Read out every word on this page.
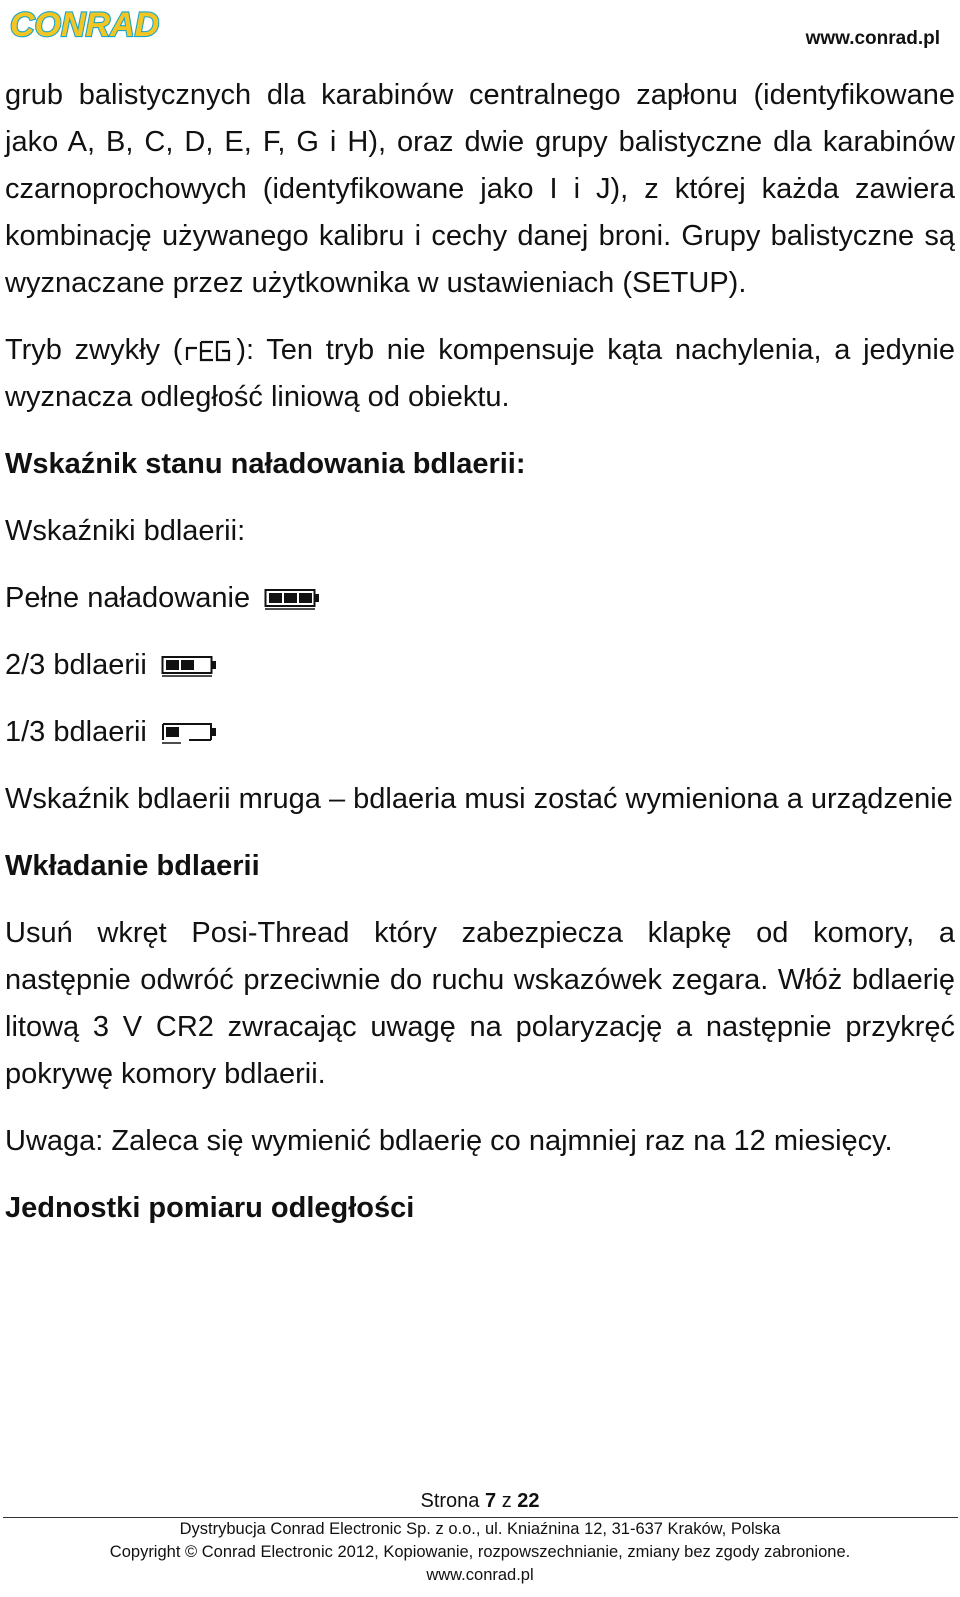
CONRAD	www.conrad.pl

grub balistycznych dla karabinów centralnego zapłonu (identyfikowane jako A, B, C, D, E, F, G i H), oraz dwie grupy balistyczne dla karabinów czarnoprochowych (identyfikowane jako I i J), z której każda zawiera kombinację używanego kalibru i cechy danej broni. Grupy balistyczne są wyznaczane przez użytkownika w ustawieniach (SETUP).

Tryb zwykły ( ): Ten tryb nie kompensuje kąta nachylenia, a jedynie wyznacza odległość liniową od obiektu.

Wskaźnik stanu naładowania bdlaerii:
Wskaźniki bdlaerii:
Pełne naładowanie
2/3 bdlaerii
1/3 bdlaerii

Wskaźnik bdlaerii mruga – bdlaeria musi zostać wymieniona a urządzenie

Wkładanie bdlaerii

Usuń wkręt Posi-Thread który zabezpiecza klapkę od komory, a następnie odwróć przeciwnie do ruchu wskazówek zegara. Włóż bdlaerię litową 3 V CR2 zwracając uwagę na polaryzację a następnie przykręć pokrywę komory bdlaerii.

Uwaga: Zaleca się wymienić bdlaerię co najmniej raz na 12 miesięcy.

Jednostki pomiaru odległości
Strona 7 z 22
Dystrybucja Conrad Electronic Sp. z o.o., ul. Kniaźnina 12, 31-637 Kraków, Polska
Copyright © Conrad Electronic 2012, Kopiowanie, rozpowszechnianie, zmiany bez zgody zabronione.
www.conrad.pl
